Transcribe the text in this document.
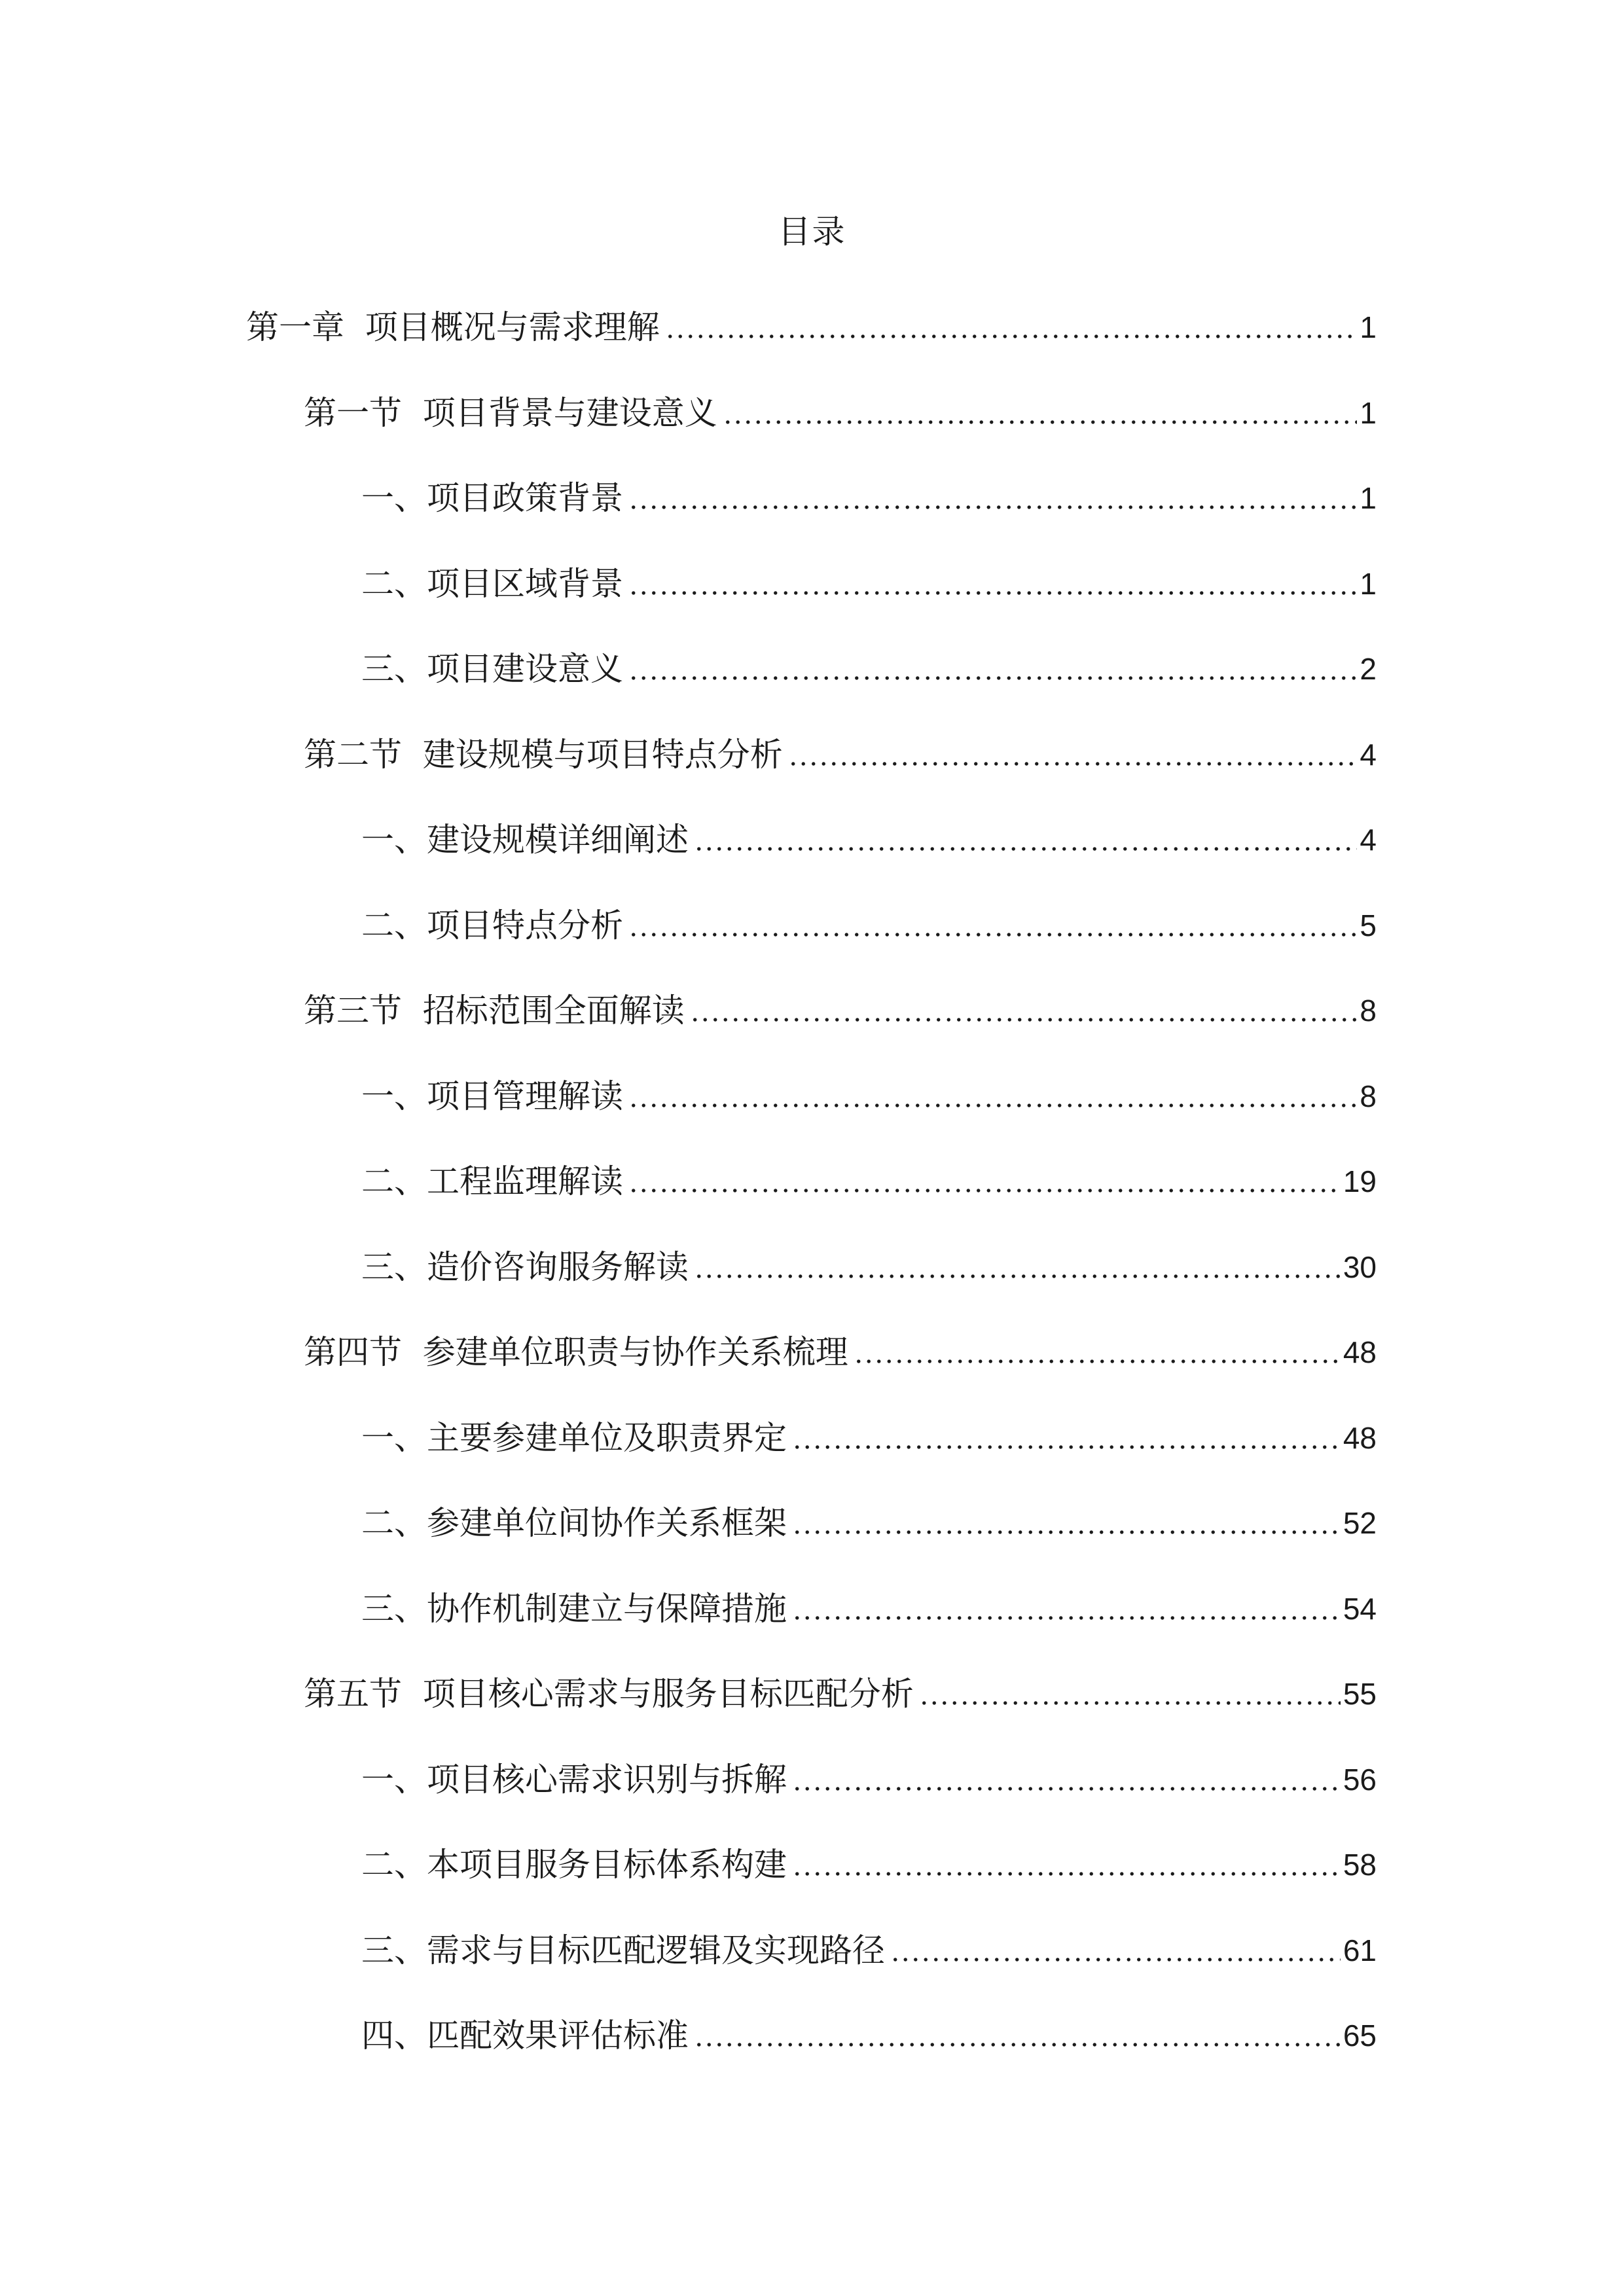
目录
第一章  项目概况与需求理解	1
第一节  项目背景与建设意义	1
一、项目政策背景	1
二、项目区域背景	1
三、项目建设意义	2
第二节  建设规模与项目特点分析	4
一、建设规模详细阐述	4
二、项目特点分析	5
第三节  招标范围全面解读	8
一、项目管理解读	8
二、工程监理解读	19
三、造价咨询服务解读	30
第四节  参建单位职责与协作关系梳理	48
一、主要参建单位及职责界定	48
二、参建单位间协作关系框架	52
三、协作机制建立与保障措施	54
第五节  项目核心需求与服务目标匹配分析	55
一、项目核心需求识别与拆解	56
二、本项目服务目标体系构建	58
三、需求与目标匹配逻辑及实现路径	61
四、匹配效果评估标准	65
